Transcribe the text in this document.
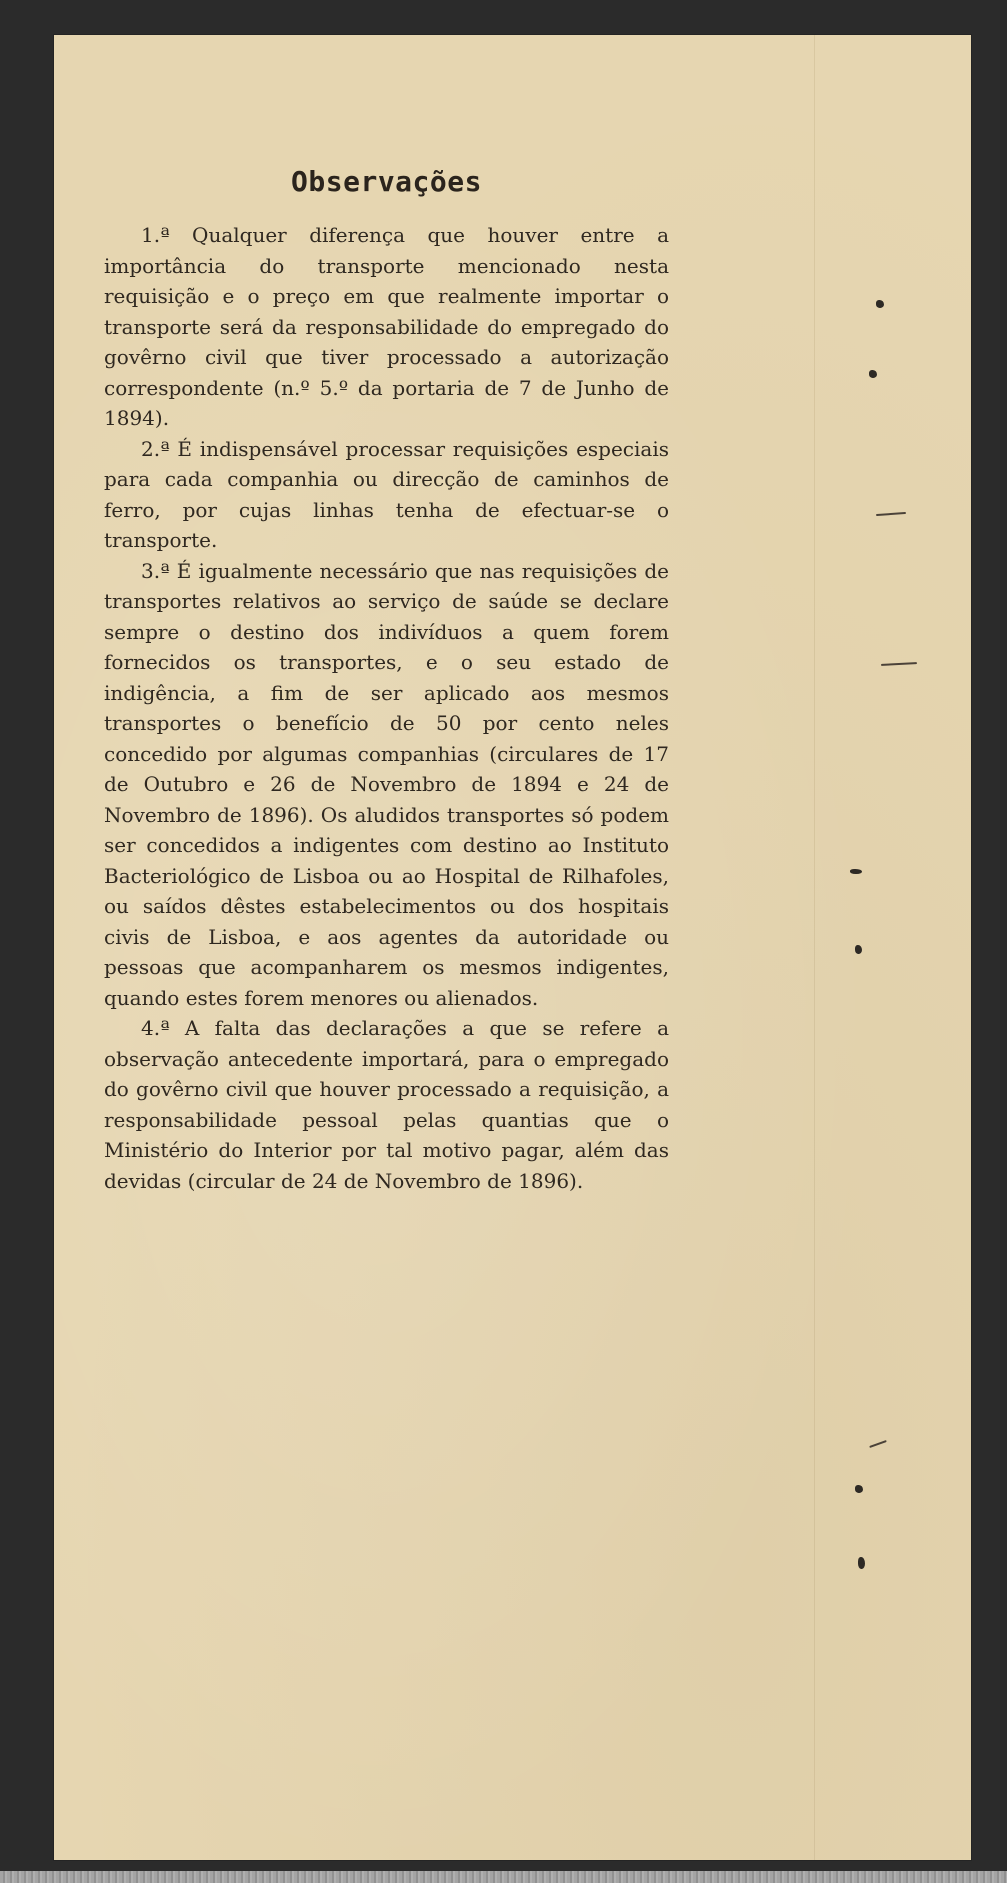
Observações

1.ª Qualquer diferença que houver entre a importância do transporte mencionado nesta requisição e o preço em que realmente importar o transporte será da responsabilidade do empregado do govêrno civil que tiver processado a autorização correspondente (n.º 5.º da portaria de 7 de Junho de 1894).

2.ª É indispensável processar requisições especiais para cada companhia ou direcção de caminhos de ferro, por cujas linhas tenha de efectuar-se o transporte.

3.ª É igualmente necessário que nas requisições de transportes relativos ao serviço de saúde se declare sempre o destino dos indivíduos a quem forem fornecidos os transportes, e o seu estado de indigência, a fim de ser aplicado aos mesmos transportes o benefício de 50 por cento neles concedido por algumas companhias (circulares de 17 de Outubro e 26 de Novembro de 1894 e 24 de Novembro de 1896). Os aludidos transportes só podem ser concedidos a indigentes com destino ao Instituto Bacteriológico de Lisboa ou ao Hospital de Rilhafoles, ou saídos dêstes estabelecimentos ou dos hospitais civis de Lisboa, e aos agentes da autoridade ou pessoas que acompanharem os mesmos indigentes, quando estes forem menores ou alienados.

4.ª A falta das declarações a que se refere a observação antecedente importará, para o empregado do govêrno civil que houver processado a requisição, a responsabilidade pessoal pelas quantias que o Ministério do Interior por tal motivo pagar, além das devidas (circular de 24 de Novembro de 1896).
